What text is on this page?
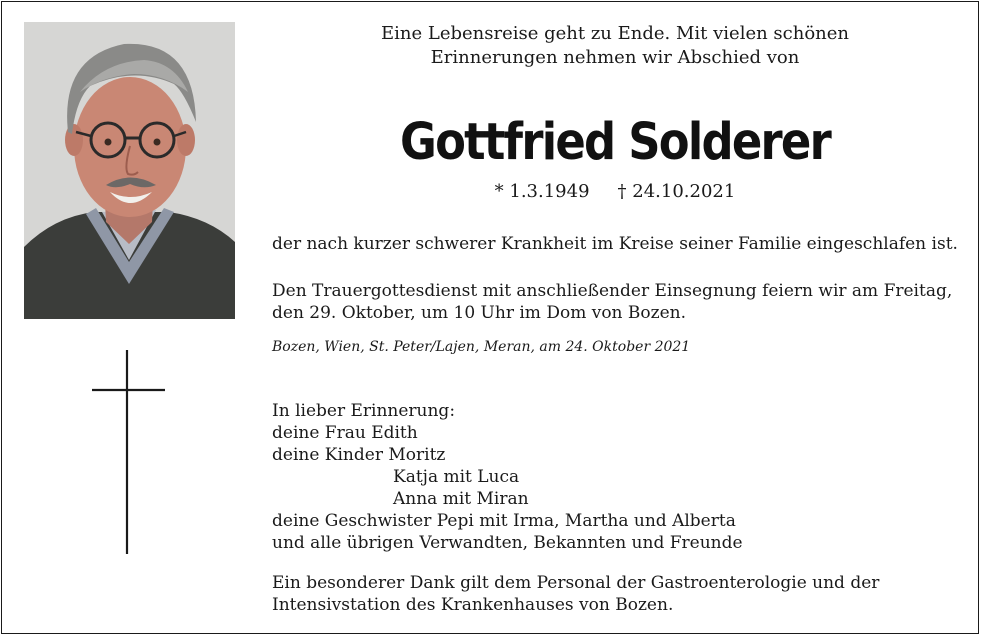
Eine Lebensreise geht zu Ende. Mit vielen schönen
Erinnerungen nehmen wir Abschied von
Gottfried Solderer
* 1.3.1949 † 24.10.2021
der nach kurzer schwerer Krankheit im Kreise seiner Familie eingeschlafen ist.
Den Trauergottesdienst mit anschließender Einsegnung feiern wir am Freitag,
den 29. Oktober, um 10 Uhr im Dom von Bozen.
Bozen, Wien, St. Peter/Lajen, Meran, am 24. Oktober 2021
In lieber Erinnerung:
deine Frau Edith
deine Kinder Moritz
Katja mit Luca
Anna mit Miran
deine Geschwister Pepi mit Irma, Martha und Alberta
und alle übrigen Verwandten, Bekannten und Freunde
Ein besonderer Dank gilt dem Personal der Gastroenterologie und der
Intensivstation des Krankenhauses von Bozen.
